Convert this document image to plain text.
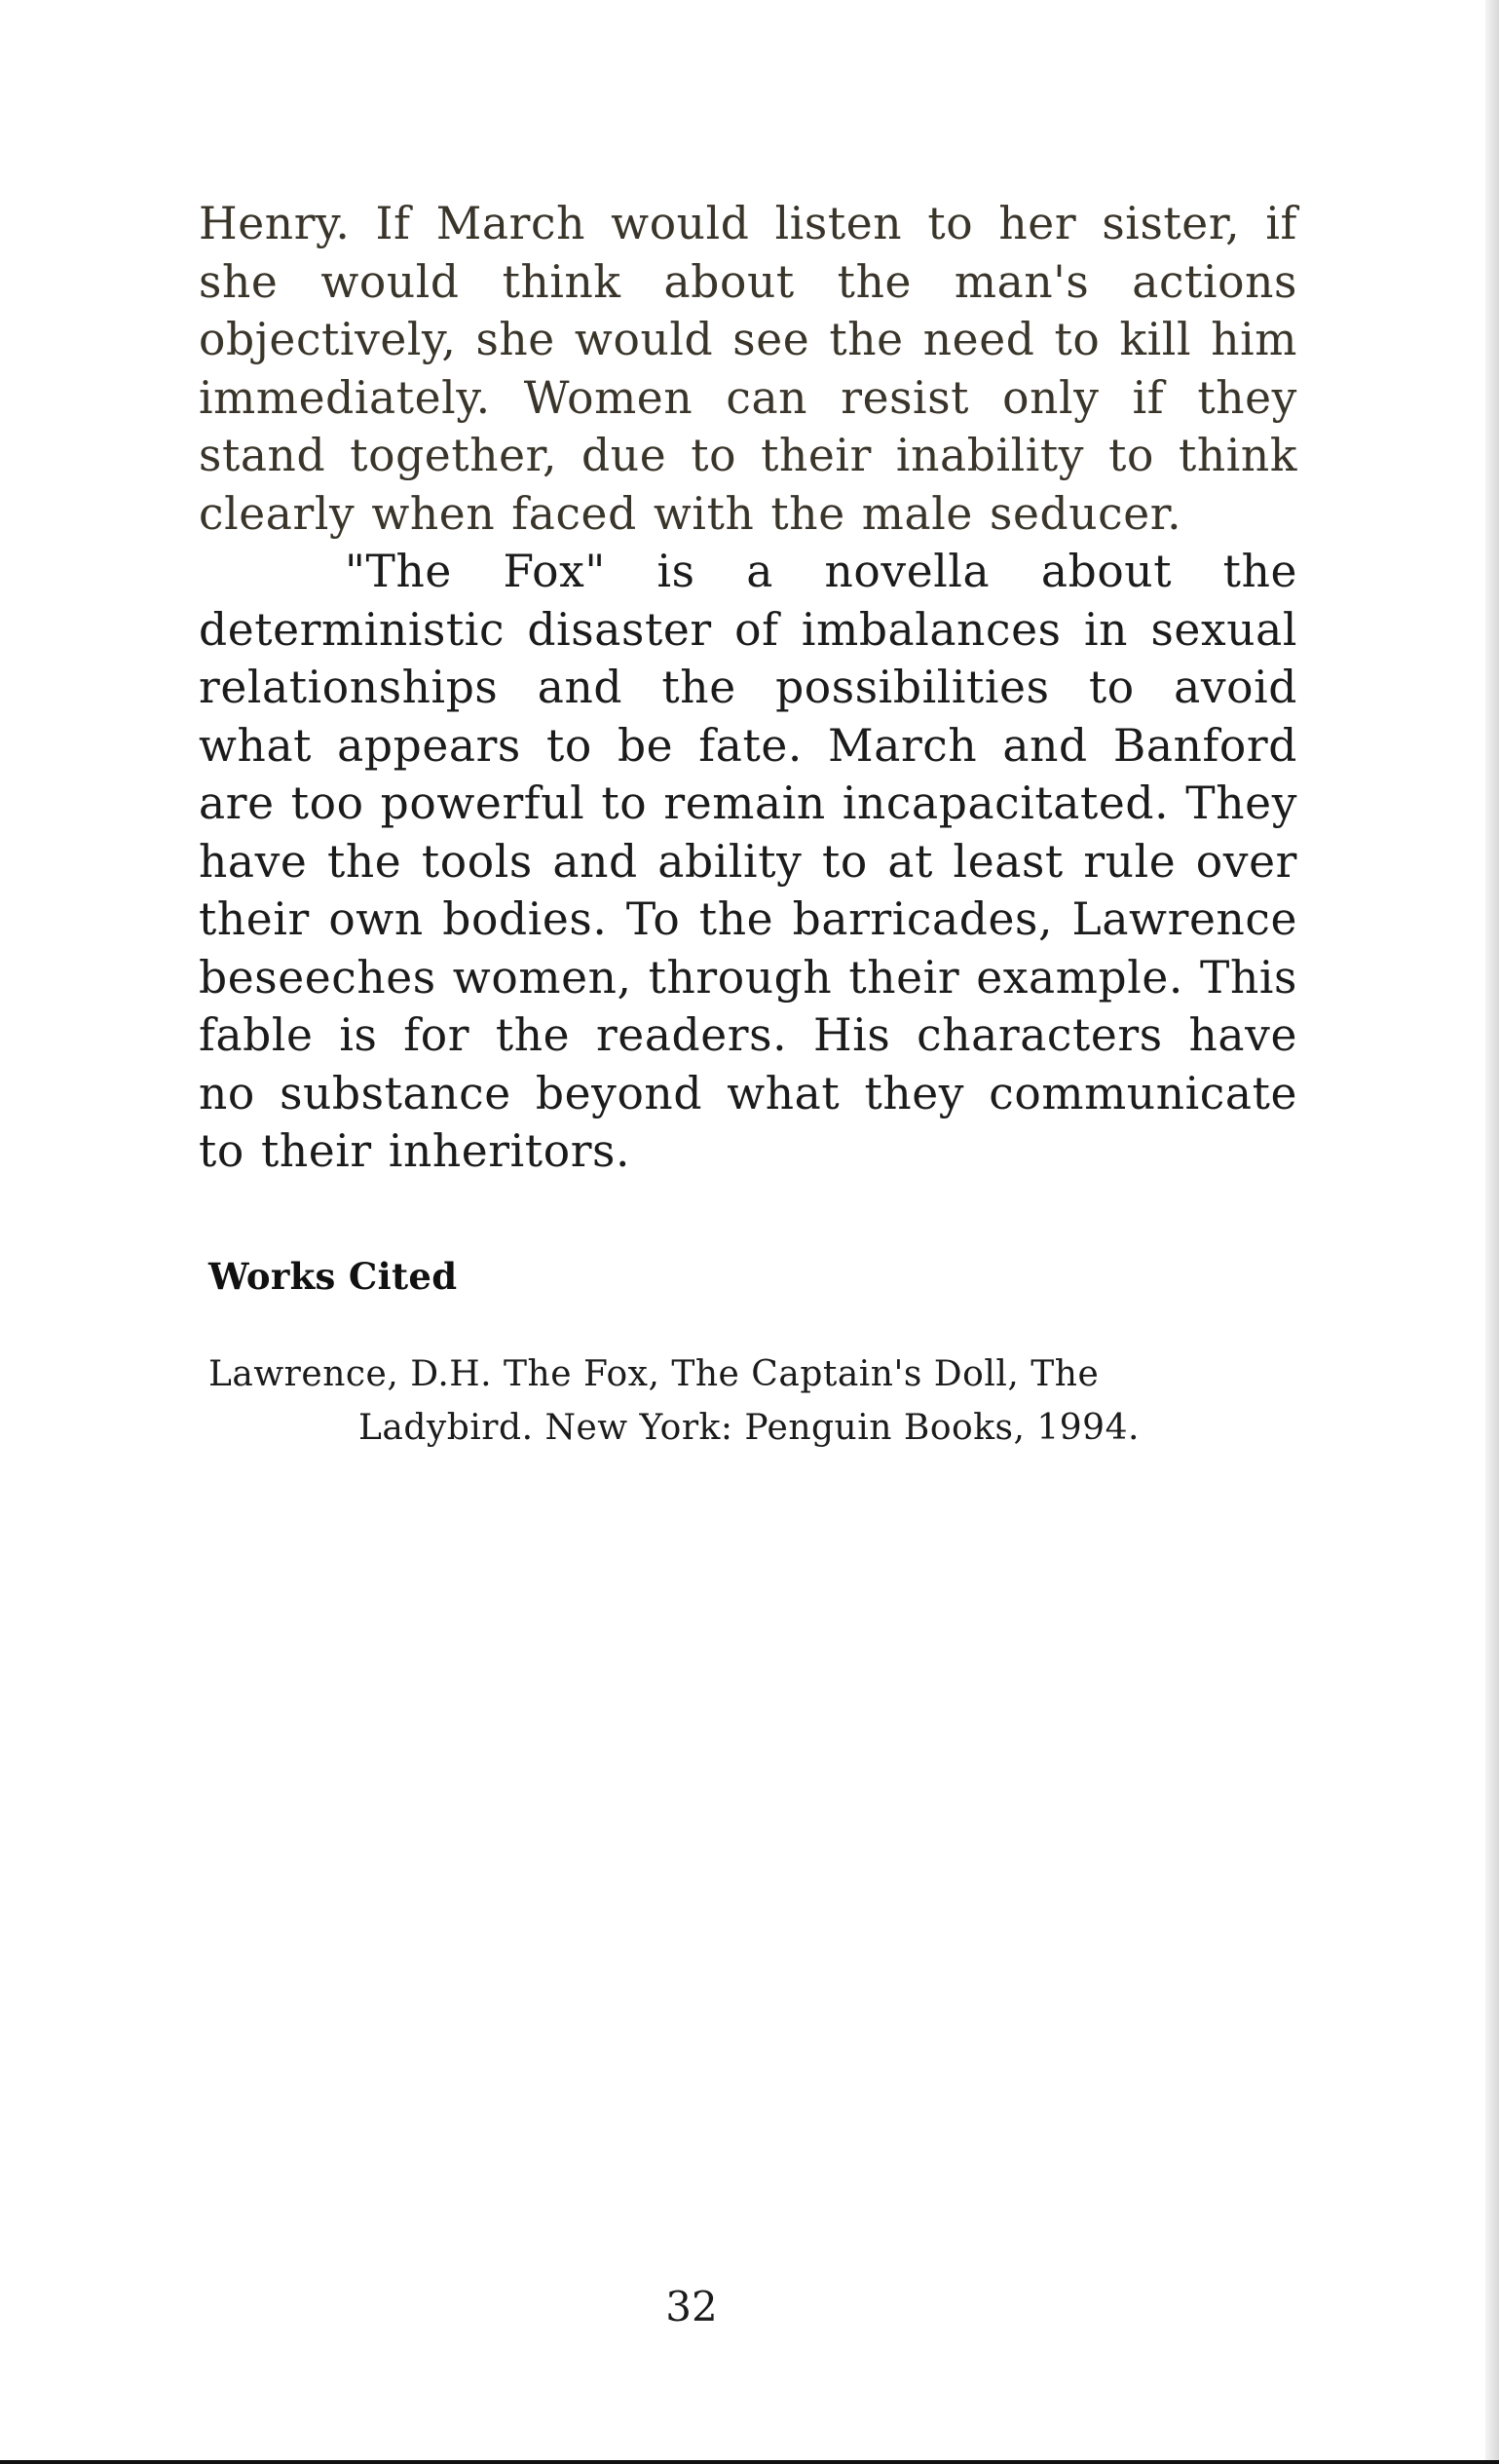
Henry. If March would listen to her sister, if she would think about the man's actions objectively, she would see the need to kill him immediately. Women can resist only if they stand together, due to their inability to think clearly when faced with the male seducer.

"The Fox" is a novella about the deterministic disaster of imbalances in sexual relationships and the possibilities to avoid what appears to be fate. March and Banford are too powerful to remain incapacitated. They have the tools and ability to at least rule over their own bodies. To the barricades, Lawrence beseeches women, through their example. This fable is for the readers. His characters have no substance beyond what they communicate to their inheritors.

Works Cited

Lawrence, D.H. The Fox, The Captain's Doll, The Ladybird. New York: Penguin Books, 1994.

32
